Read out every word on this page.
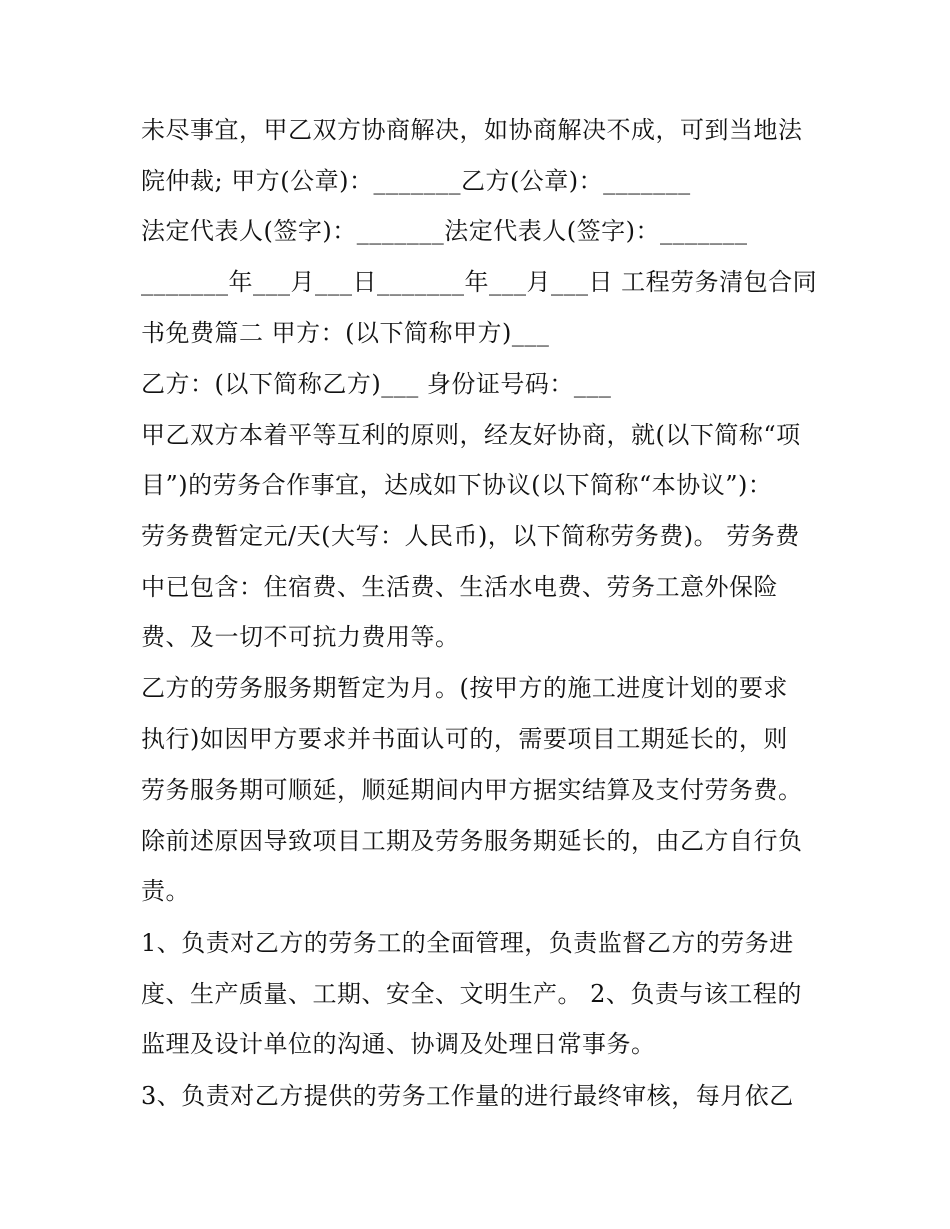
未尽事宜，甲乙双方协商解决，如协商解决不成，可到当地法
院仲裁; 甲方(公章)：_______乙方(公章)：_______
法定代表人(签字)：_______法定代表人(签字)：_______
_______年___月___日_______年___月___日 工程劳务清包合同
书免费篇二 甲方：(以下简称甲方)___
乙方：(以下简称乙方)___ 身份证号码：___
甲乙双方本着平等互利的原则，经友好协商，就(以下简称“项
目”)的劳务合作事宜，达成如下协议(以下简称“本协议”)：
劳务费暂定元/天(大写：人民币)，以下简称劳务费)。 劳务费
中已包含：住宿费、生活费、生活水电费、劳务工意外保险
费、及一切不可抗力费用等。
乙方的劳务服务期暂定为月。(按甲方的施工进度计划的要求
执行)如因甲方要求并书面认可的，需要项目工期延长的，则
劳务服务期可顺延，顺延期间内甲方据实结算及支付劳务费。
除前述原因导致项目工期及劳务服务期延长的，由乙方自行负
责。
1、负责对乙方的劳务工的全面管理，负责监督乙方的劳务进
度、生产质量、工期、安全、文明生产。 2、负责与该工程的
监理及设计单位的沟通、协调及处理日常事务。
3、负责对乙方提供的劳务工作量的进行最终审核，每月依乙
